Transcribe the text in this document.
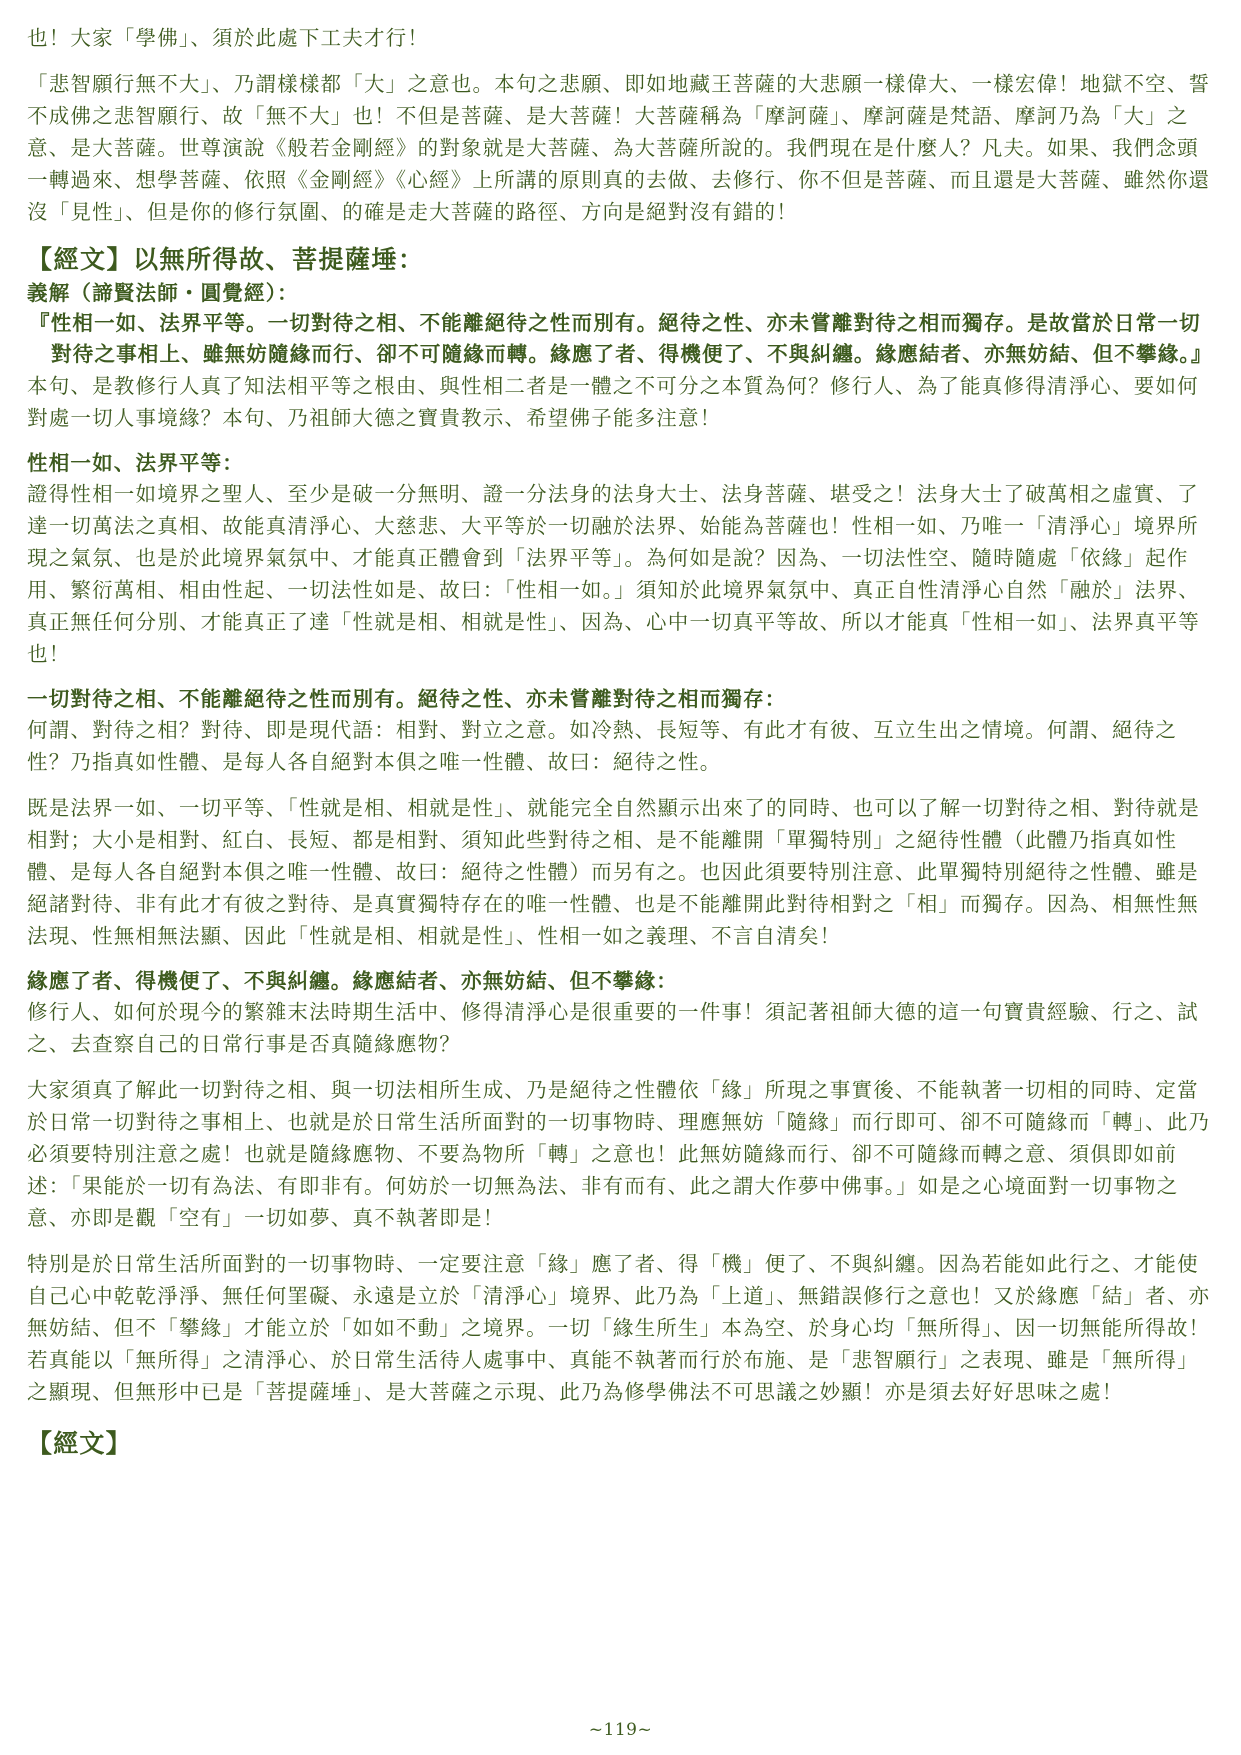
也！大家「學佛」、須於此處下工夫才行！

「悲智願行無不大」、乃謂樣樣都「大」之意也。本句之悲願、即如地藏王菩薩的大悲願一樣偉大、一樣宏偉！地獄不空、誓不成佛之悲智願行、故「無不大」也！不但是菩薩、是大菩薩！大菩薩稱為「摩訶薩」、摩訶薩是梵語、摩訶乃為「大」之意、是大菩薩。世尊演說《般若金剛經》的對象就是大菩薩、為大菩薩所說的。我們現在是什麼人？凡夫。如果、我們念頭一轉過來、想學菩薩、依照《金剛經》《心經》上所講的原則真的去做、去修行、你不但是菩薩、而且還是大菩薩、雖然你還沒「見性」、但是你的修行氛圍、的確是走大菩薩的路徑、方向是絕對沒有錯的！

【經文】以無所得故、菩提薩埵：

義解（諦賢法師・圓覺經）：

『性相一如、法界平等。一切對待之相、不能離絕待之性而別有。絕待之性、亦未嘗離對待之相而獨存。是故當於日常一切對待之事相上、雖無妨隨緣而行、卻不可隨緣而轉。緣應了者、得機便了、不與糾纏。緣應結者、亦無妨結、但不攀緣。』

本句、是教修行人真了知法相平等之根由、與性相二者是一體之不可分之本質為何？修行人、為了能真修得清淨心、要如何對處一切人事境緣？本句、乃祖師大德之寶貴教示、希望佛子能多注意！

性相一如、法界平等：

證得性相一如境界之聖人、至少是破一分無明、證一分法身的法身大士、法身菩薩、堪受之！法身大士了破萬相之虛實、了達一切萬法之真相、故能真清淨心、大慈悲、大平等於一切融於法界、始能為菩薩也！性相一如、乃唯一「清淨心」境界所現之氣氛、也是於此境界氣氛中、才能真正體會到「法界平等」。為何如是說？因為、一切法性空、隨時隨處「依緣」起作用、繁衍萬相、相由性起、一切法性如是、故曰：「性相一如。」須知於此境界氣氛中、真正自性清淨心自然「融於」法界、真正無任何分別、才能真正了達「性就是相、相就是性」、因為、心中一切真平等故、所以才能真「性相一如」、法界真平等也！

一切對待之相、不能離絕待之性而別有。絕待之性、亦未嘗離對待之相而獨存：

何謂、對待之相？對待、即是現代語：相對、對立之意。如冷熱、長短等、有此才有彼、互立生出之情境。何謂、絕待之性？乃指真如性體、是每人各自絕對本俱之唯一性體、故曰：絕待之性。

既是法界一如、一切平等、「性就是相、相就是性」、就能完全自然顯示出來了的同時、也可以了解一切對待之相、對待就是相對；大小是相對、紅白、長短、都是相對、須知此些對待之相、是不能離開「單獨特別」之絕待性體（此體乃指真如性體、是每人各自絕對本俱之唯一性體、故曰：絕待之性體）而另有之。也因此須要特別注意、此單獨特別絕待之性體、雖是絕諸對待、非有此才有彼之對待、是真實獨特存在的唯一性體、也是不能離開此對待相對之「相」而獨存。因為、相無性無法現、性無相無法顯、因此「性就是相、相就是性」、性相一如之義理、不言自清矣！

緣應了者、得機便了、不與糾纏。緣應結者、亦無妨結、但不攀緣：

修行人、如何於現今的繁雜末法時期生活中、修得清淨心是很重要的一件事！須記著祖師大德的這一句寶貴經驗、行之、試之、去查察自己的日常行事是否真隨緣應物？

大家須真了解此一切對待之相、與一切法相所生成、乃是絕待之性體依「緣」所現之事實後、不能執著一切相的同時、定當於日常一切對待之事相上、也就是於日常生活所面對的一切事物時、理應無妨「隨緣」而行即可、卻不可隨緣而「轉」、此乃必須要特別注意之處！也就是隨緣應物、不要為物所「轉」之意也！此無妨隨緣而行、卻不可隨緣而轉之意、須俱即如前述：「果能於一切有為法、有即非有。何妨於一切無為法、非有而有、此之謂大作夢中佛事。」如是之心境面對一切事物之意、亦即是觀「空有」一切如夢、真不執著即是！

特別是於日常生活所面對的一切事物時、一定要注意「緣」應了者、得「機」便了、不與糾纏。因為若能如此行之、才能使自己心中乾乾淨淨、無任何罣礙、永遠是立於「清淨心」境界、此乃為「上道」、無錯誤修行之意也！又於緣應「結」者、亦無妨結、但不「攀緣」才能立於「如如不動」之境界。一切「緣生所生」本為空、於身心均「無所得」、因一切無能所得故！若真能以「無所得」之清淨心、於日常生活待人處事中、真能不執著而行於布施、是「悲智願行」之表現、雖是「無所得」之顯現、但無形中已是「菩提薩埵」、是大菩薩之示現、此乃為修學佛法不可思議之妙顯！亦是須去好好思味之處！

【經文】

~119~
